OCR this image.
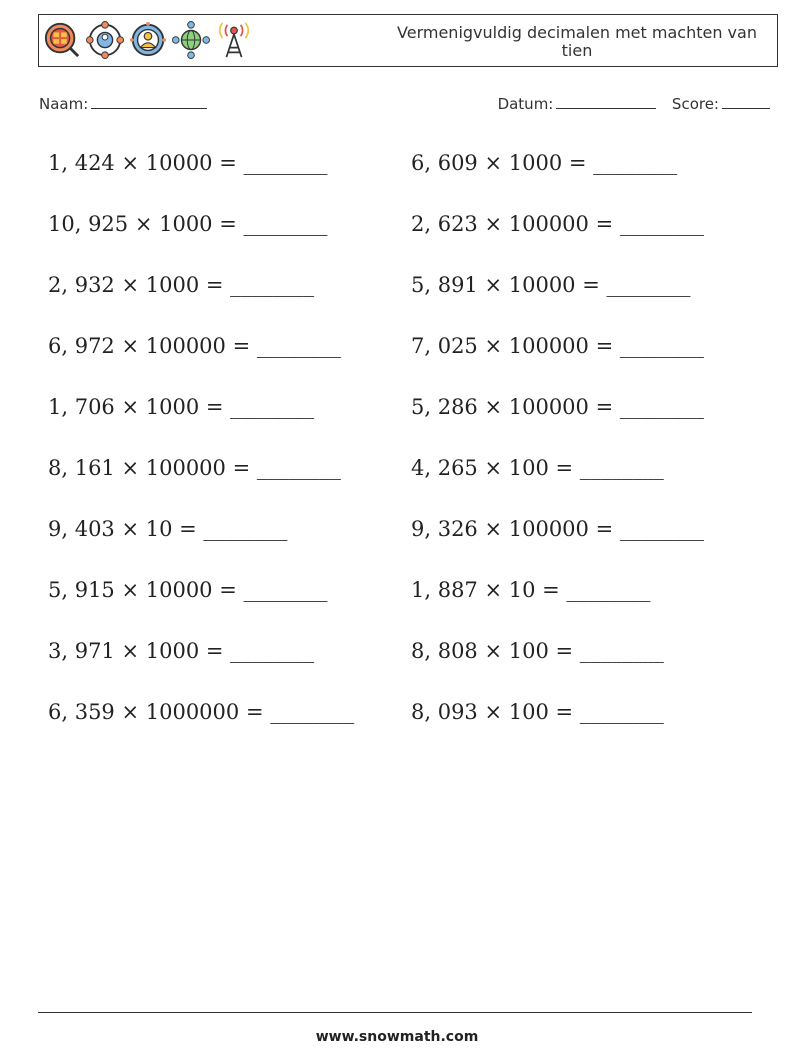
Vermenigvuldig decimalen met machten van tien
Naam:	Datum:	Score:
1, 424 × 10000 = ________	6, 609 × 1000 = ________
10, 925 × 1000 = ________	2, 623 × 100000 = ________
2, 932 × 1000 = ________	5, 891 × 10000 = ________
6, 972 × 100000 = ________	7, 025 × 100000 = ________
1, 706 × 1000 = ________	5, 286 × 100000 = ________
8, 161 × 100000 = ________	4, 265 × 100 = ________
9, 403 × 10 = ________	9, 326 × 100000 = ________
5, 915 × 10000 = ________	1, 887 × 10 = ________
3, 971 × 1000 = ________	8, 808 × 100 = ________
6, 359 × 1000000 = ________	8, 093 × 100 = ________
www.snowmath.com
